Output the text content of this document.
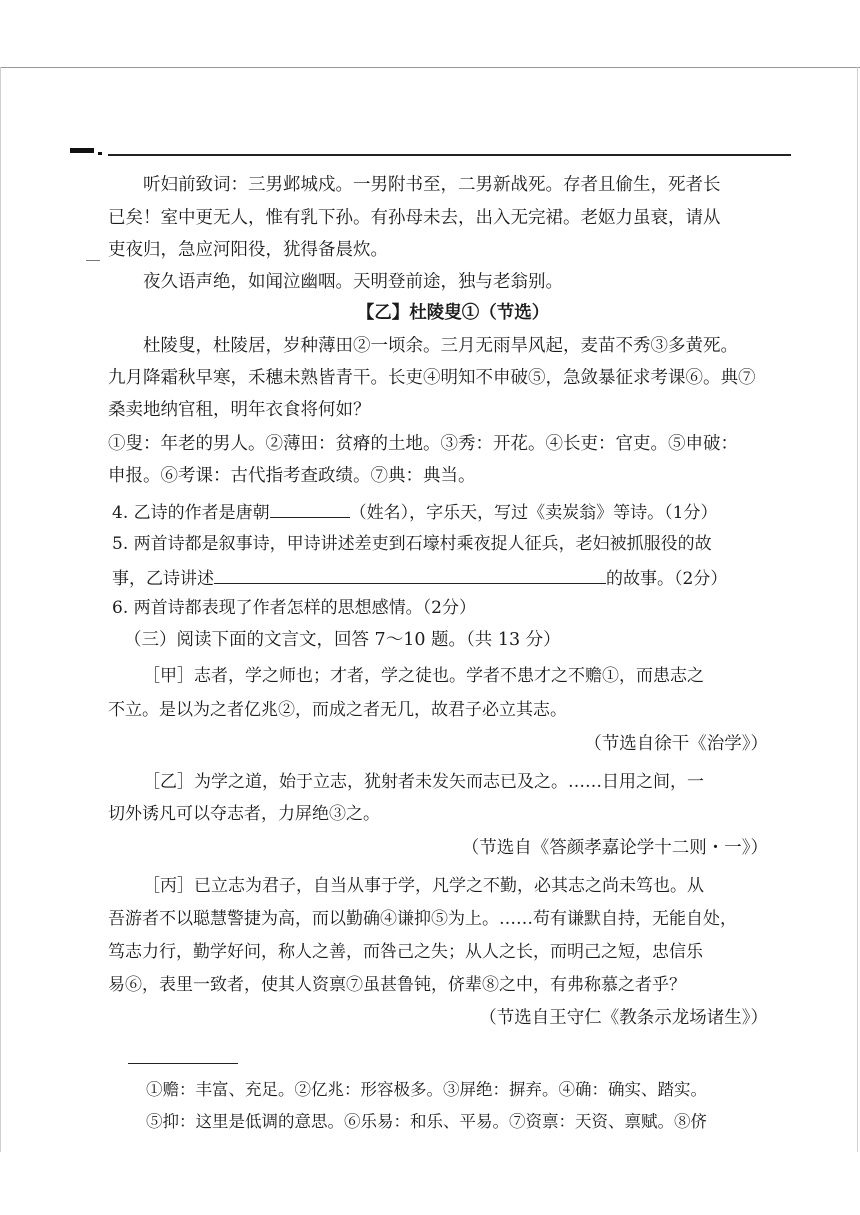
听妇前致词：三男邺城戍。一男附书至，二男新战死。存者且偷生，死者长
已矣！室中更无人，惟有乳下孙。有孙母未去，出入无完裙。老妪力虽衰，请从
吏夜归，急应河阳役，犹得备晨炊。
夜久语声绝，如闻泣幽咽。天明登前途，独与老翁别。
【乙】杜陵叟①（节选）
杜陵叟，杜陵居，岁种薄田②一顷余。三月无雨旱风起，麦苗不秀③多黄死。
九月降霜秋早寒，禾穗未熟皆青干。长吏④明知不申破⑤，急敛暴征求考课⑥。典⑦
桑卖地纳官租，明年衣食将何如？
①叟：年老的男人。②薄田：贫瘠的土地。③秀：开花。④长吏：官吏。⑤申破：
申报。⑥考课：古代指考查政绩。⑦典：典当。
4. 乙诗的作者是唐朝	（姓名），字乐天，写过《卖炭翁》等诗。（1分）
5. 两首诗都是叙事诗，甲诗讲述差吏到石壕村乘夜捉人征兵，老妇被抓服役的故
事，乙诗讲述	的故事。（2分）
6. 两首诗都表现了作者怎样的思想感情。（2分）
（三）阅读下面的文言文，回答 7～10 题。（共 13 分）
［甲］志者，学之师也；才者，学之徒也。学者不患才之不赡①，而患志之
不立。是以为之者亿兆②，而成之者无几，故君子必立其志。
（节选自徐干《治学》）
［乙］为学之道，始于立志，犹射者未发矢而志已及之。……日用之间，一
切外诱凡可以夺志者，力屏绝③之。
（节选自《答颜孝嘉论学十二则・一》）
［丙］已立志为君子，自当从事于学，凡学之不勤，必其志之尚未笃也。从
吾游者不以聪慧警捷为高，而以勤确④谦抑⑤为上。……苟有谦默自持，无能自处，
笃志力行，勤学好问，称人之善，而咎己之失；从人之长，而明己之短，忠信乐
易⑥，表里一致者，使其人资禀⑦虽甚鲁钝，侪辈⑧之中，有弗称慕之者乎？
（节选自王守仁《教条示龙场诸生》）
①赡：丰富、充足。②亿兆：形容极多。③屏绝：摒弃。④确：确实、踏实。
⑤抑：这里是低调的意思。⑥乐易：和乐、平易。⑦资禀：天资、禀赋。⑧侪
